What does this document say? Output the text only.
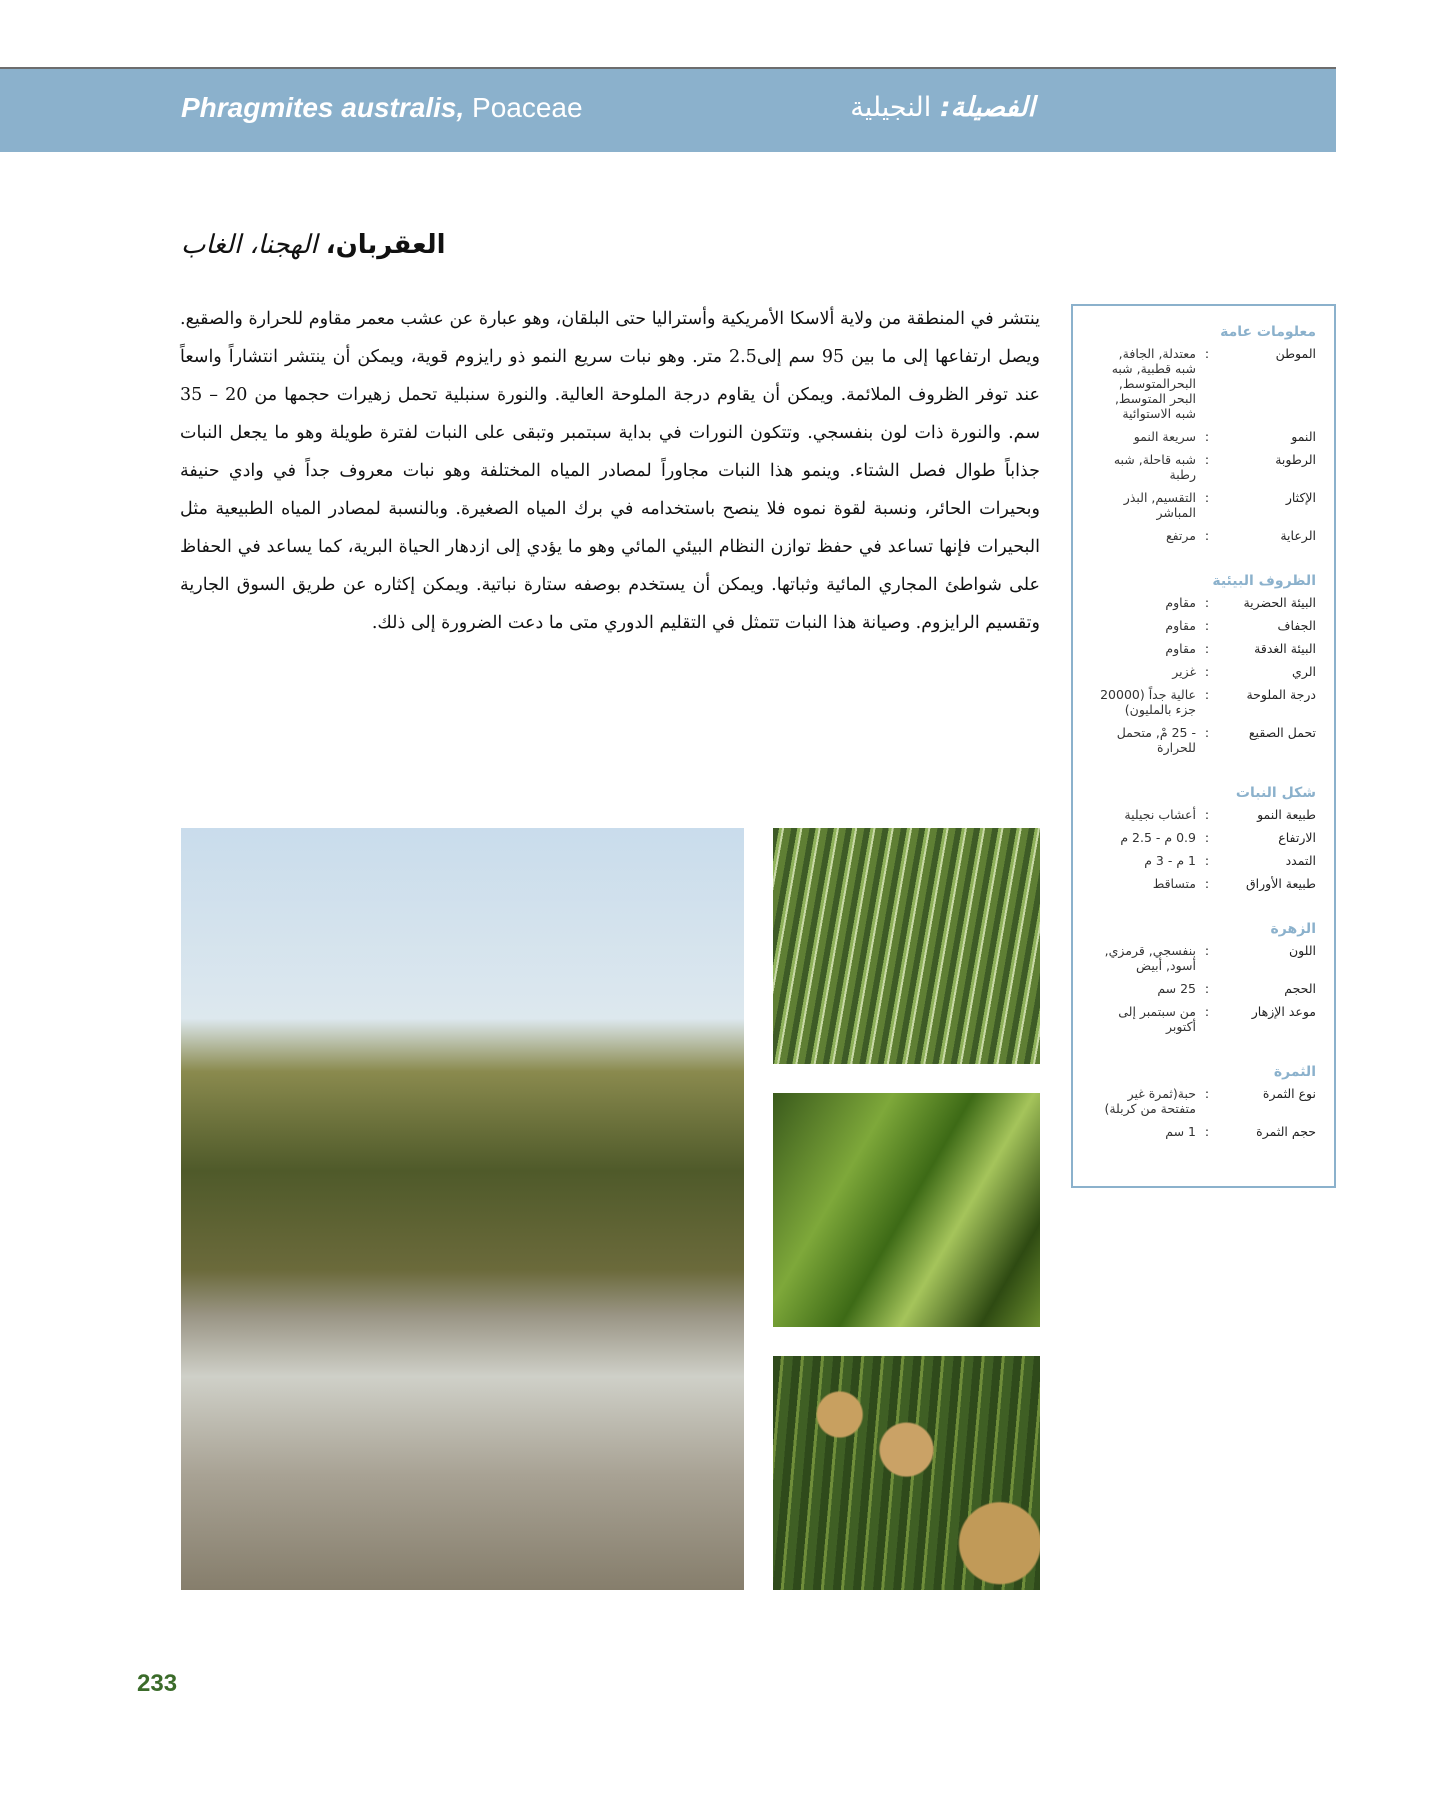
Phragmites australis, Poaceae	الفصيلة: النجيلية
العقربان، الهجنا، الغاب
ينتشر في المنطقة من ولاية ألاسكا الأمريكية وأستراليا حتى البلقان، وهو عبارة عن عشب معمر مقاوم للحرارة والصقيع. ويصل ارتفاعها إلى ما بين 95 سم إلى2.5 متر. وهو نبات سريع النمو ذو رايزوم قوية، ويمكن أن ينتشر انتشاراً واسعاً عند توفر الظروف الملائمة. ويمكن أن يقاوم درجة الملوحة العالية. والنورة سنبلية تحمل زهيرات حجمها من 20 – 35 سم. والنورة ذات لون بنفسجي. وتتكون النورات في بداية سبتمبر وتبقى على النبات لفترة طويلة وهو ما يجعل النبات جذاباً طوال فصل الشتاء. وينمو هذا النبات مجاوراً لمصادر المياه المختلفة وهو نبات معروف جداً في وادي حنيفة وبحيرات الحائر، ونسبة لقوة نموه فلا ينصح باستخدامه في برك المياه الصغيرة. وبالنسبة لمصادر المياه الطبيعية مثل البحيرات فإنها تساعد في حفظ توازن النظام البيئي المائي وهو ما يؤدي إلى ازدهار الحياة البرية، كما يساعد في الحفاظ على شواطئ المجاري المائية وثباتها. ويمكن أن يستخدم بوصفه ستارة نباتية. ويمكن إكثاره عن طريق السوق الجارية وتقسيم الرايزوم. وصيانة هذا النبات تتمثل في التقليم الدوري متى ما دعت الضرورة إلى ذلك.
معلومات عامة
الموطن
:
معتدلة, الجافة, شبه قطبية, شبه البحرالمتوسط, البحر المتوسط, شبه الاستوائية
النمو
:
سريعة النمو
الرطوبة
:
شبه قاحلة, شبه رطبة
الإكثار
:
التقسيم, البذر المباشر
الرعاية
:
مرتفع
الظروف البيئية
البيئة الحضرية
:
مقاوم
الجفاف
:
مقاوم
البيئة الغدقة
:
مقاوم
الري
:
غزير
درجة الملوحة
:
عالية جداً (20000 جزء بالمليون)
تحمل الصقيع
:
- 25 مْ, متحمل للحرارة
شكل النبات
طبيعة النمو
:
أعشاب نجيلية
الارتفاع
:
0.9 م - 2.5 م
التمدد
:
1 م - 3 م
طبيعة الأوراق
:
متساقط
الزهرة
اللون
:
بنفسجي, قرمزي, أسود, أبيض
الحجم
:
25 سم
موعد الإزهار
:
من سبتمبر إلى أكتوبر
الثمرة
نوع الثمرة
:
حبة(ثمرة غير متفتحة من كربلة)
حجم الثمرة
:
1 سم
233
